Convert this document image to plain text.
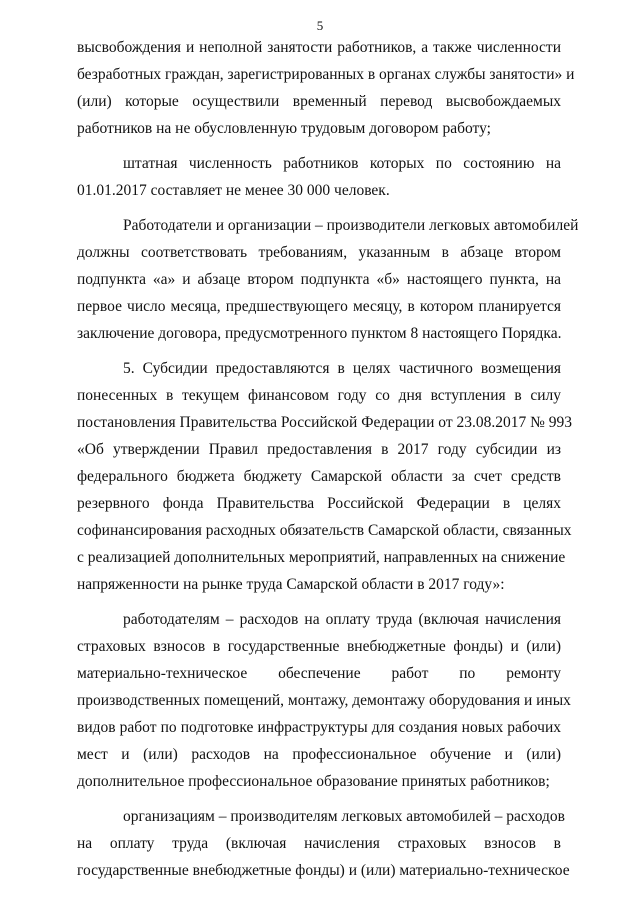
5
высвобождения и неполной занятости работников, а также численности
безработных граждан, зарегистрированных в органах службы занятости» и
(или) которые осуществили временный перевод высвобождаемых
работников на не обусловленную трудовым договором работу;
штатная численность работников которых по состоянию на
01.01.2017 составляет не менее 30 000 человек.
Работодатели и организации – производители легковых автомобилей
должны соответствовать требованиям, указанным в абзаце втором
подпункта «а» и абзаце втором подпункта «б» настоящего пункта, на
первое число месяца, предшествующего месяцу, в котором планируется
заключение договора, предусмотренного пунктом 8 настоящего Порядка.
5. Субсидии предоставляются в целях частичного возмещения
понесенных в текущем финансовом году со дня вступления в силу
постановления Правительства Российской Федерации от 23.08.2017 № 993
«Об утверждении Правил предоставления в 2017 году субсидии из
федерального бюджета бюджету Самарской области за счет средств
резервного фонда Правительства Российской Федерации в целях
софинансирования расходных обязательств Самарской области, связанных
с реализацией дополнительных мероприятий, направленных на снижение
напряженности на рынке труда Самарской области в 2017 году»:
работодателям – расходов на оплату труда (включая начисления
страховых взносов в государственные внебюджетные фонды) и (или)
материально-техническое обеспечение работ по ремонту
производственных помещений, монтажу, демонтажу оборудования и иных
видов работ по подготовке инфраструктуры для создания новых рабочих
мест и (или) расходов на профессиональное обучение и (или)
дополнительное профессиональное образование принятых работников;
организациям – производителям легковых автомобилей – расходов
на оплату труда (включая начисления страховых взносов в
государственные внебюджетные фонды) и (или) материально-техническое
